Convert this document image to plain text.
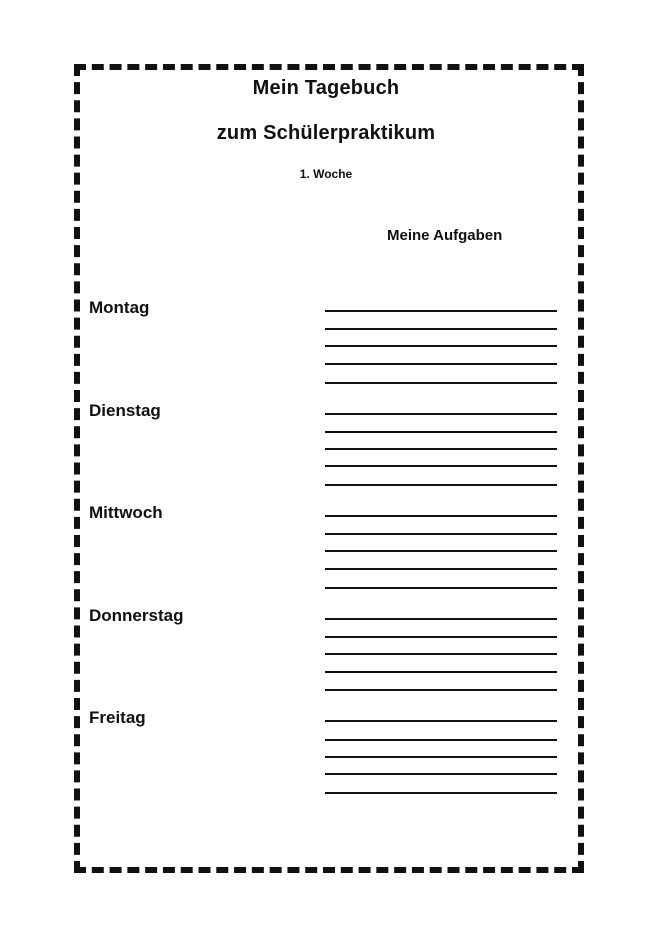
Mein Tagebuch
zum Schülerpraktikum
1. Woche
Meine Aufgaben
Montag
Dienstag
Mittwoch
Donnerstag
Freitag
